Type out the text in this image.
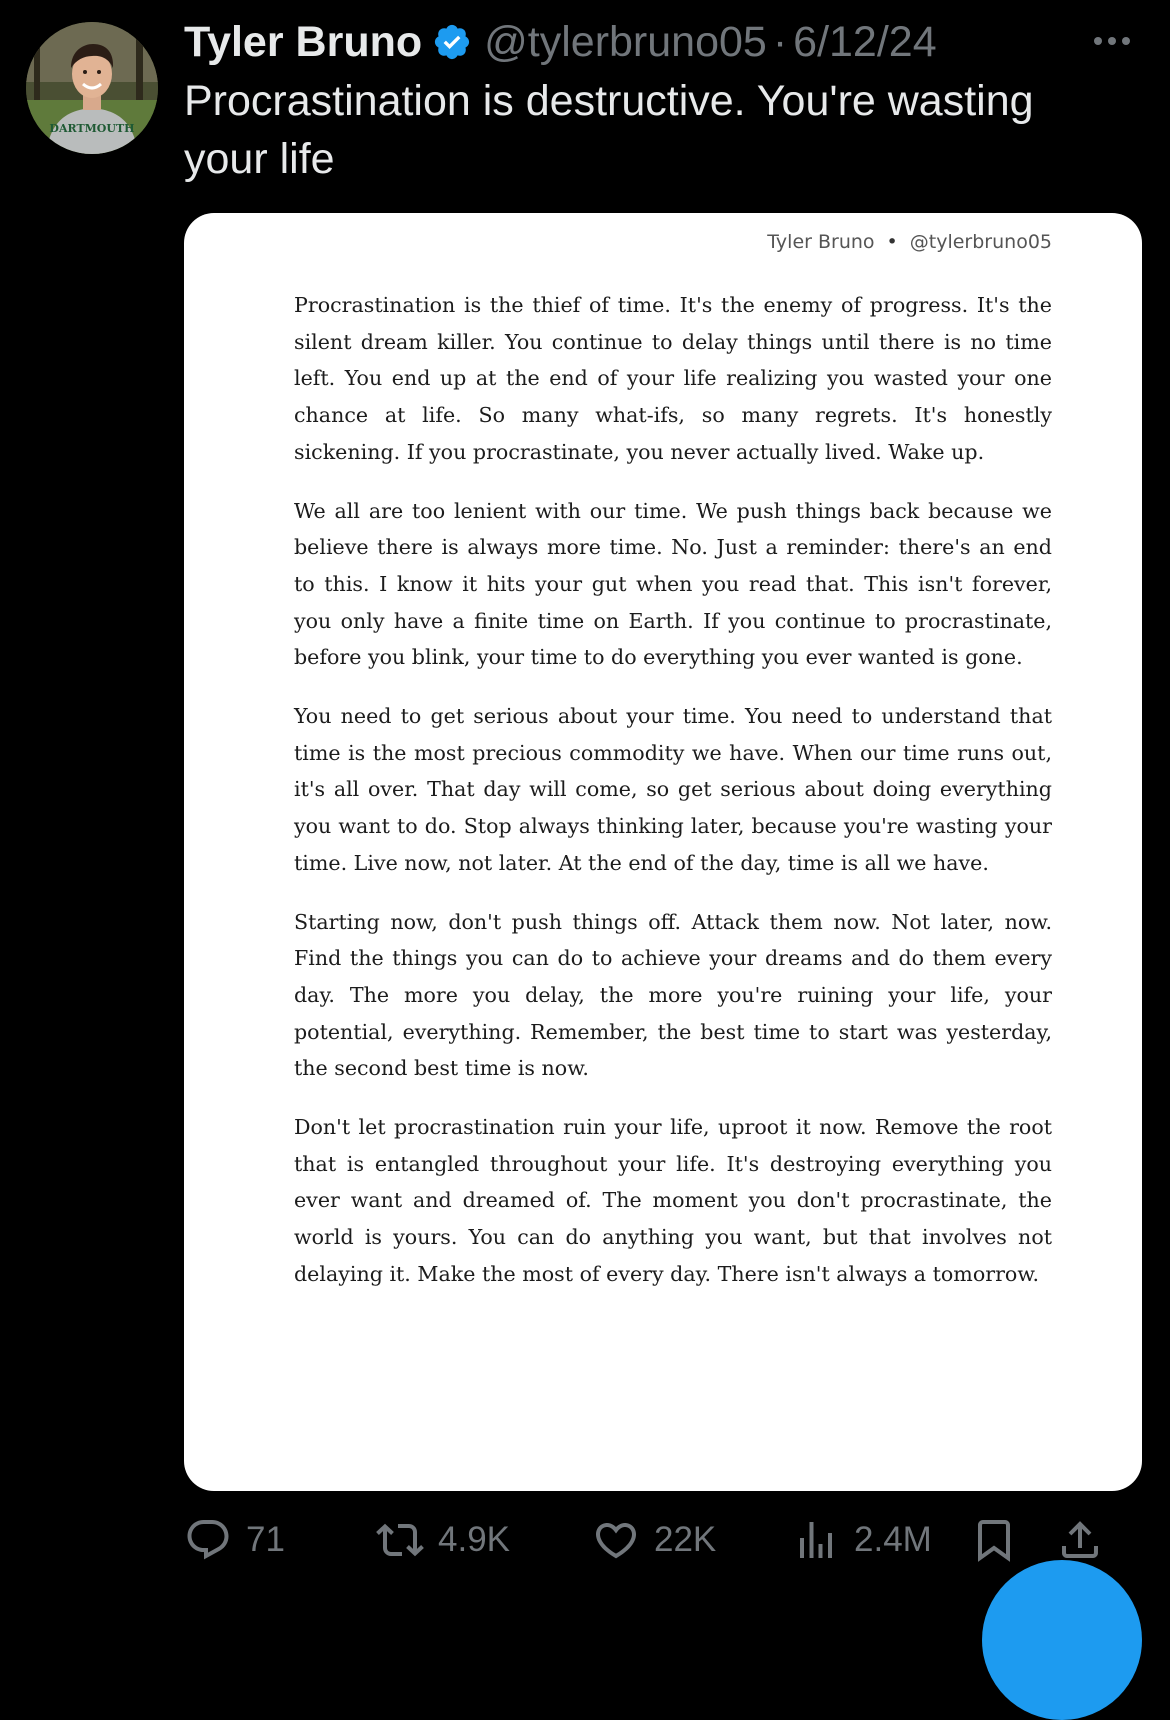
DARTMOUTH
Tyler Bruno @tylerbruno05 · 6/12/24
Procrastination is destructive. You're wasting your life
Tyler Bruno • @tylerbruno05

Procrastination is the thief of time. It's the enemy of progress. It's the silent dream killer. You continue to delay things until there is no time left. You end up at the end of your life realizing you wasted your one chance at life. So many what-ifs, so many regrets. It's honestly sickening. If you procrastinate, you never actually lived. Wake up.

We all are too lenient with our time. We push things back because we believe there is always more time. No. Just a reminder: there's an end to this. I know it hits your gut when you read that. This isn't forever, you only have a finite time on Earth. If you continue to procrastinate, before you blink, your time to do everything you ever wanted is gone.

You need to get serious about your time. You need to understand that time is the most precious commodity we have. When our time runs out, it's all over. That day will come, so get serious about doing everything you want to do. Stop always thinking later, because you're wasting your time. Live now, not later. At the end of the day, time is all we have.

Starting now, don't push things off. Attack them now. Not later, now. Find the things you can do to achieve your dreams and do them every day. The more you delay, the more you're ruining your life, your potential, everything. Remember, the best time to start was yesterday, the second best time is now.

Don't let procrastination ruin your life, uproot it now. Remove the root that is entangled throughout your life. It's destroying everything you ever want and dreamed of. The moment you don't procrastinate, the world is yours. You can do anything you want, but that involves not delaying it. Make the most of every day. There isn't always a tomorrow.

71	4.9K	22K	2.4M
